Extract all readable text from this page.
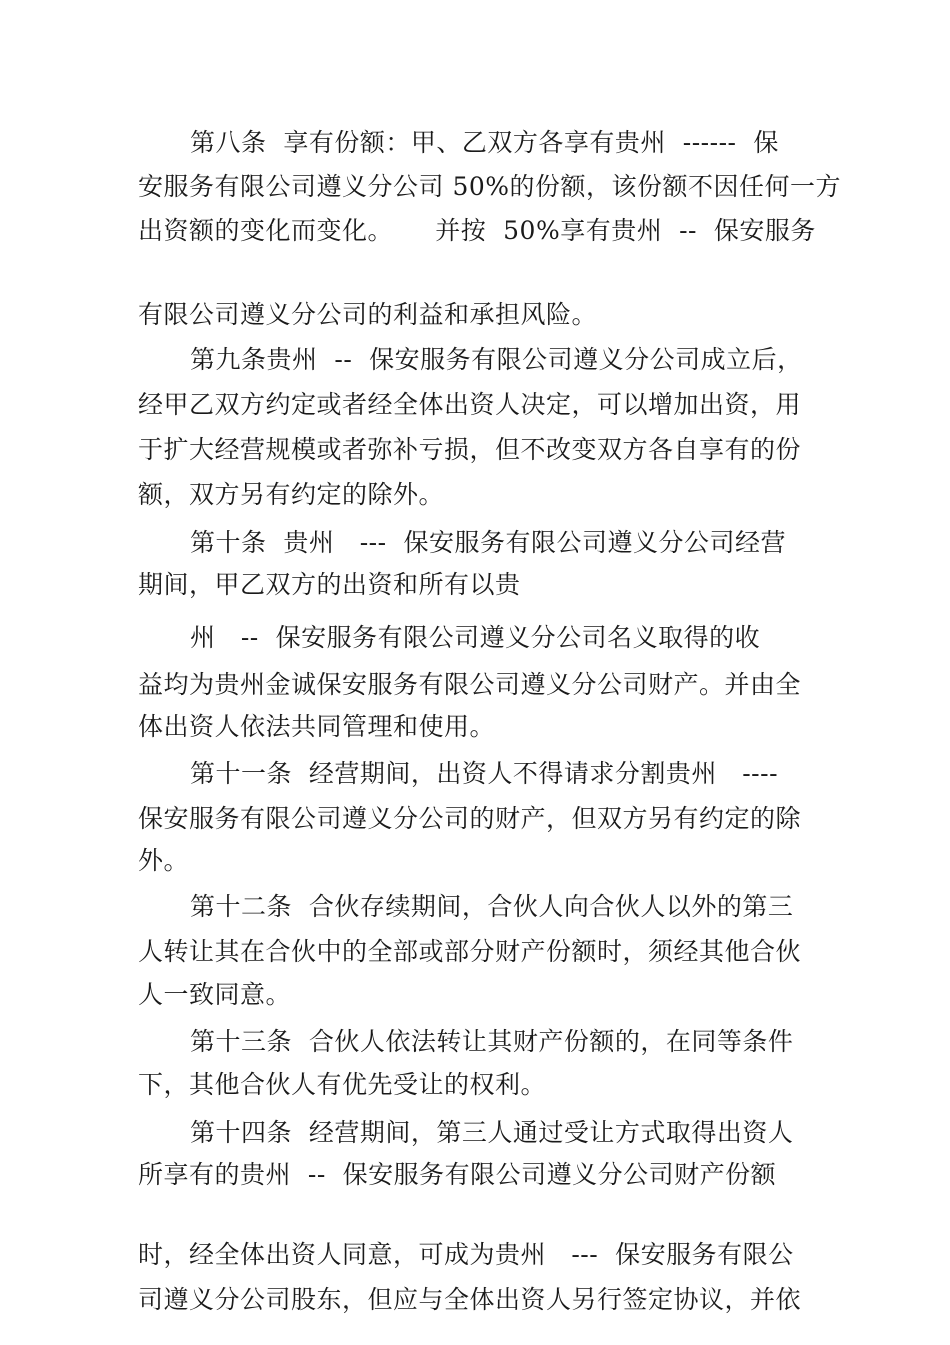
第八条  享有份额：甲、乙双方各享有贵州  ------  保
安服务有限公司遵义分公司 50%的份额，该份额不因任何一方
出资额的变化而变化。     并按  50%享有贵州  --  保安服务
有限公司遵义分公司的利益和承担风险。
第九条贵州  --  保安服务有限公司遵义分公司成立后，
经甲乙双方约定或者经全体出资人决定，可以增加出资，用
于扩大经营规模或者弥补亏损，但不改变双方各自享有的份
额，双方另有约定的除外。
第十条  贵州   ---  保安服务有限公司遵义分公司经营
期间，甲乙双方的出资和所有以贵
州   --  保安服务有限公司遵义分公司名义取得的收
益均为贵州金诚保安服务有限公司遵义分公司财产。并由全
体出资人依法共同管理和使用。
第十一条  经营期间，出资人不得请求分割贵州   ----
保安服务有限公司遵义分公司的财产，但双方另有约定的除
外。
第十二条  合伙存续期间，合伙人向合伙人以外的第三
人转让其在合伙中的全部或部分财产份额时，须经其他合伙
人一致同意。
第十三条  合伙人依法转让其财产份额的，在同等条件
下，其他合伙人有优先受让的权利。
第十四条  经营期间，第三人通过受让方式取得出资人
所享有的贵州  --  保安服务有限公司遵义分公司财产份额
时，经全体出资人同意，可成为贵州   ---  保安服务有限公
司遵义分公司股东，但应与全体出资人另行签定协议，并依
